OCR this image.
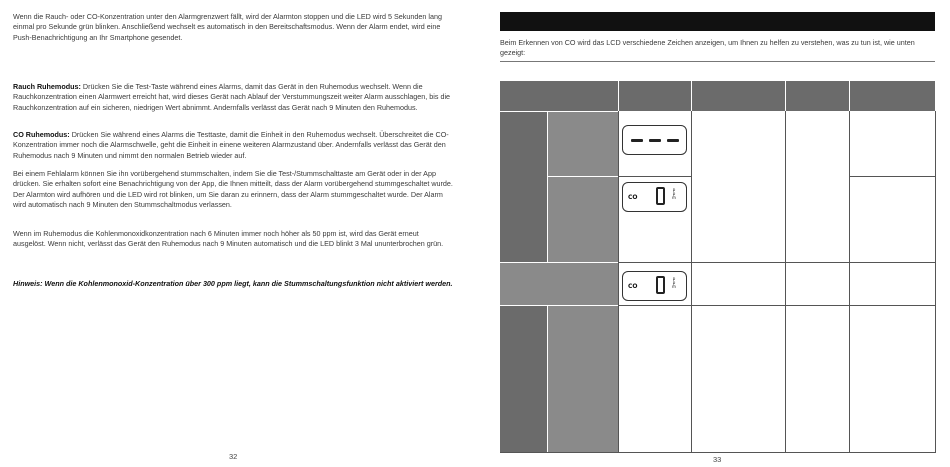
Wenn die Rauch- oder CO-Konzentration unter den Alarmgrenzwert fällt, wird der Alarmton stoppen und die LED wird 5 Sekunden lang einmal pro Sekunde grün blinken. Anschließend wechselt es automatisch in den Bereitschaftsmodus. Wenn der Alarm endet, wird eine Push-Benachrichtigung an Ihr Smartphone gesendet.

Rauch Ruhemodus: Drücken Sie die Test-Taste während eines Alarms, damit das Gerät in den Ruhemodus wechselt. Wenn die Rauchkonzentration einen Alarmwert erreicht hat, wird dieses Gerät nach Ablauf der Verstummungszeit weiter Alarm ausschlagen, bis die Rauchkonzentration auf ein sicheren, niedrigen Wert abnimmt. Andernfalls verlässt das Gerät nach 9 Minuten den Ruhemodus.

CO Ruhemodus: Drücken Sie während eines Alarms die Testtaste, damit die Einheit in den Ruhemodus wechselt. Überschreitet die CO-Konzentration immer noch die Alarmschwelle, geht die Einheit in einene weiteren Alarmzustand über. Andernfalls verlässt das Gerät den Ruhemodus nach 9 Minuten und nimmt den normalen Betrieb wieder auf.

Bei einem Fehlalarm können Sie ihn vorübergehend stummschalten, indem Sie die Test-/Stummschalttaste am Gerät oder in der App drücken. Sie erhalten sofort eine Benachrichtigung von der App, die Ihnen mitteilt, dass der Alarm vorübergehend stummgeschaltet wurde. Der Alarmton wird aufhören und die LED wird rot blinken, um Sie daran zu erinnern, dass der Alarm stummgeschaltet wurde. Der Alarm wird automatisch nach 9 Minuten den Stummschaltmodus verlassen.

Wenn im Ruhemodus die Kohlenmonoxidkonzentration nach 6 Minuten immer noch höher als 50 ppm ist, wird das Gerät erneut ausgelöst. Wenn nicht, verlässt das Gerät den Ruhemodus nach 9 Minuten automatisch und die LED blinkt 3 Mal ununterbrochen grün.

Hinweis: Wenn die Kohlenmonoxid-Konzentration über 300 ppm liegt, kann die Stummschaltungsfunktion nicht aktiviert werden.

32

Beim Erkennen von CO wird das LCD verschiedene Zeichen anzeigen, um Ihnen zu helfen zu verstehen, was zu tun ist, wie unten gezeigt:

CO
p
p
m
CO
p
p
m
33
